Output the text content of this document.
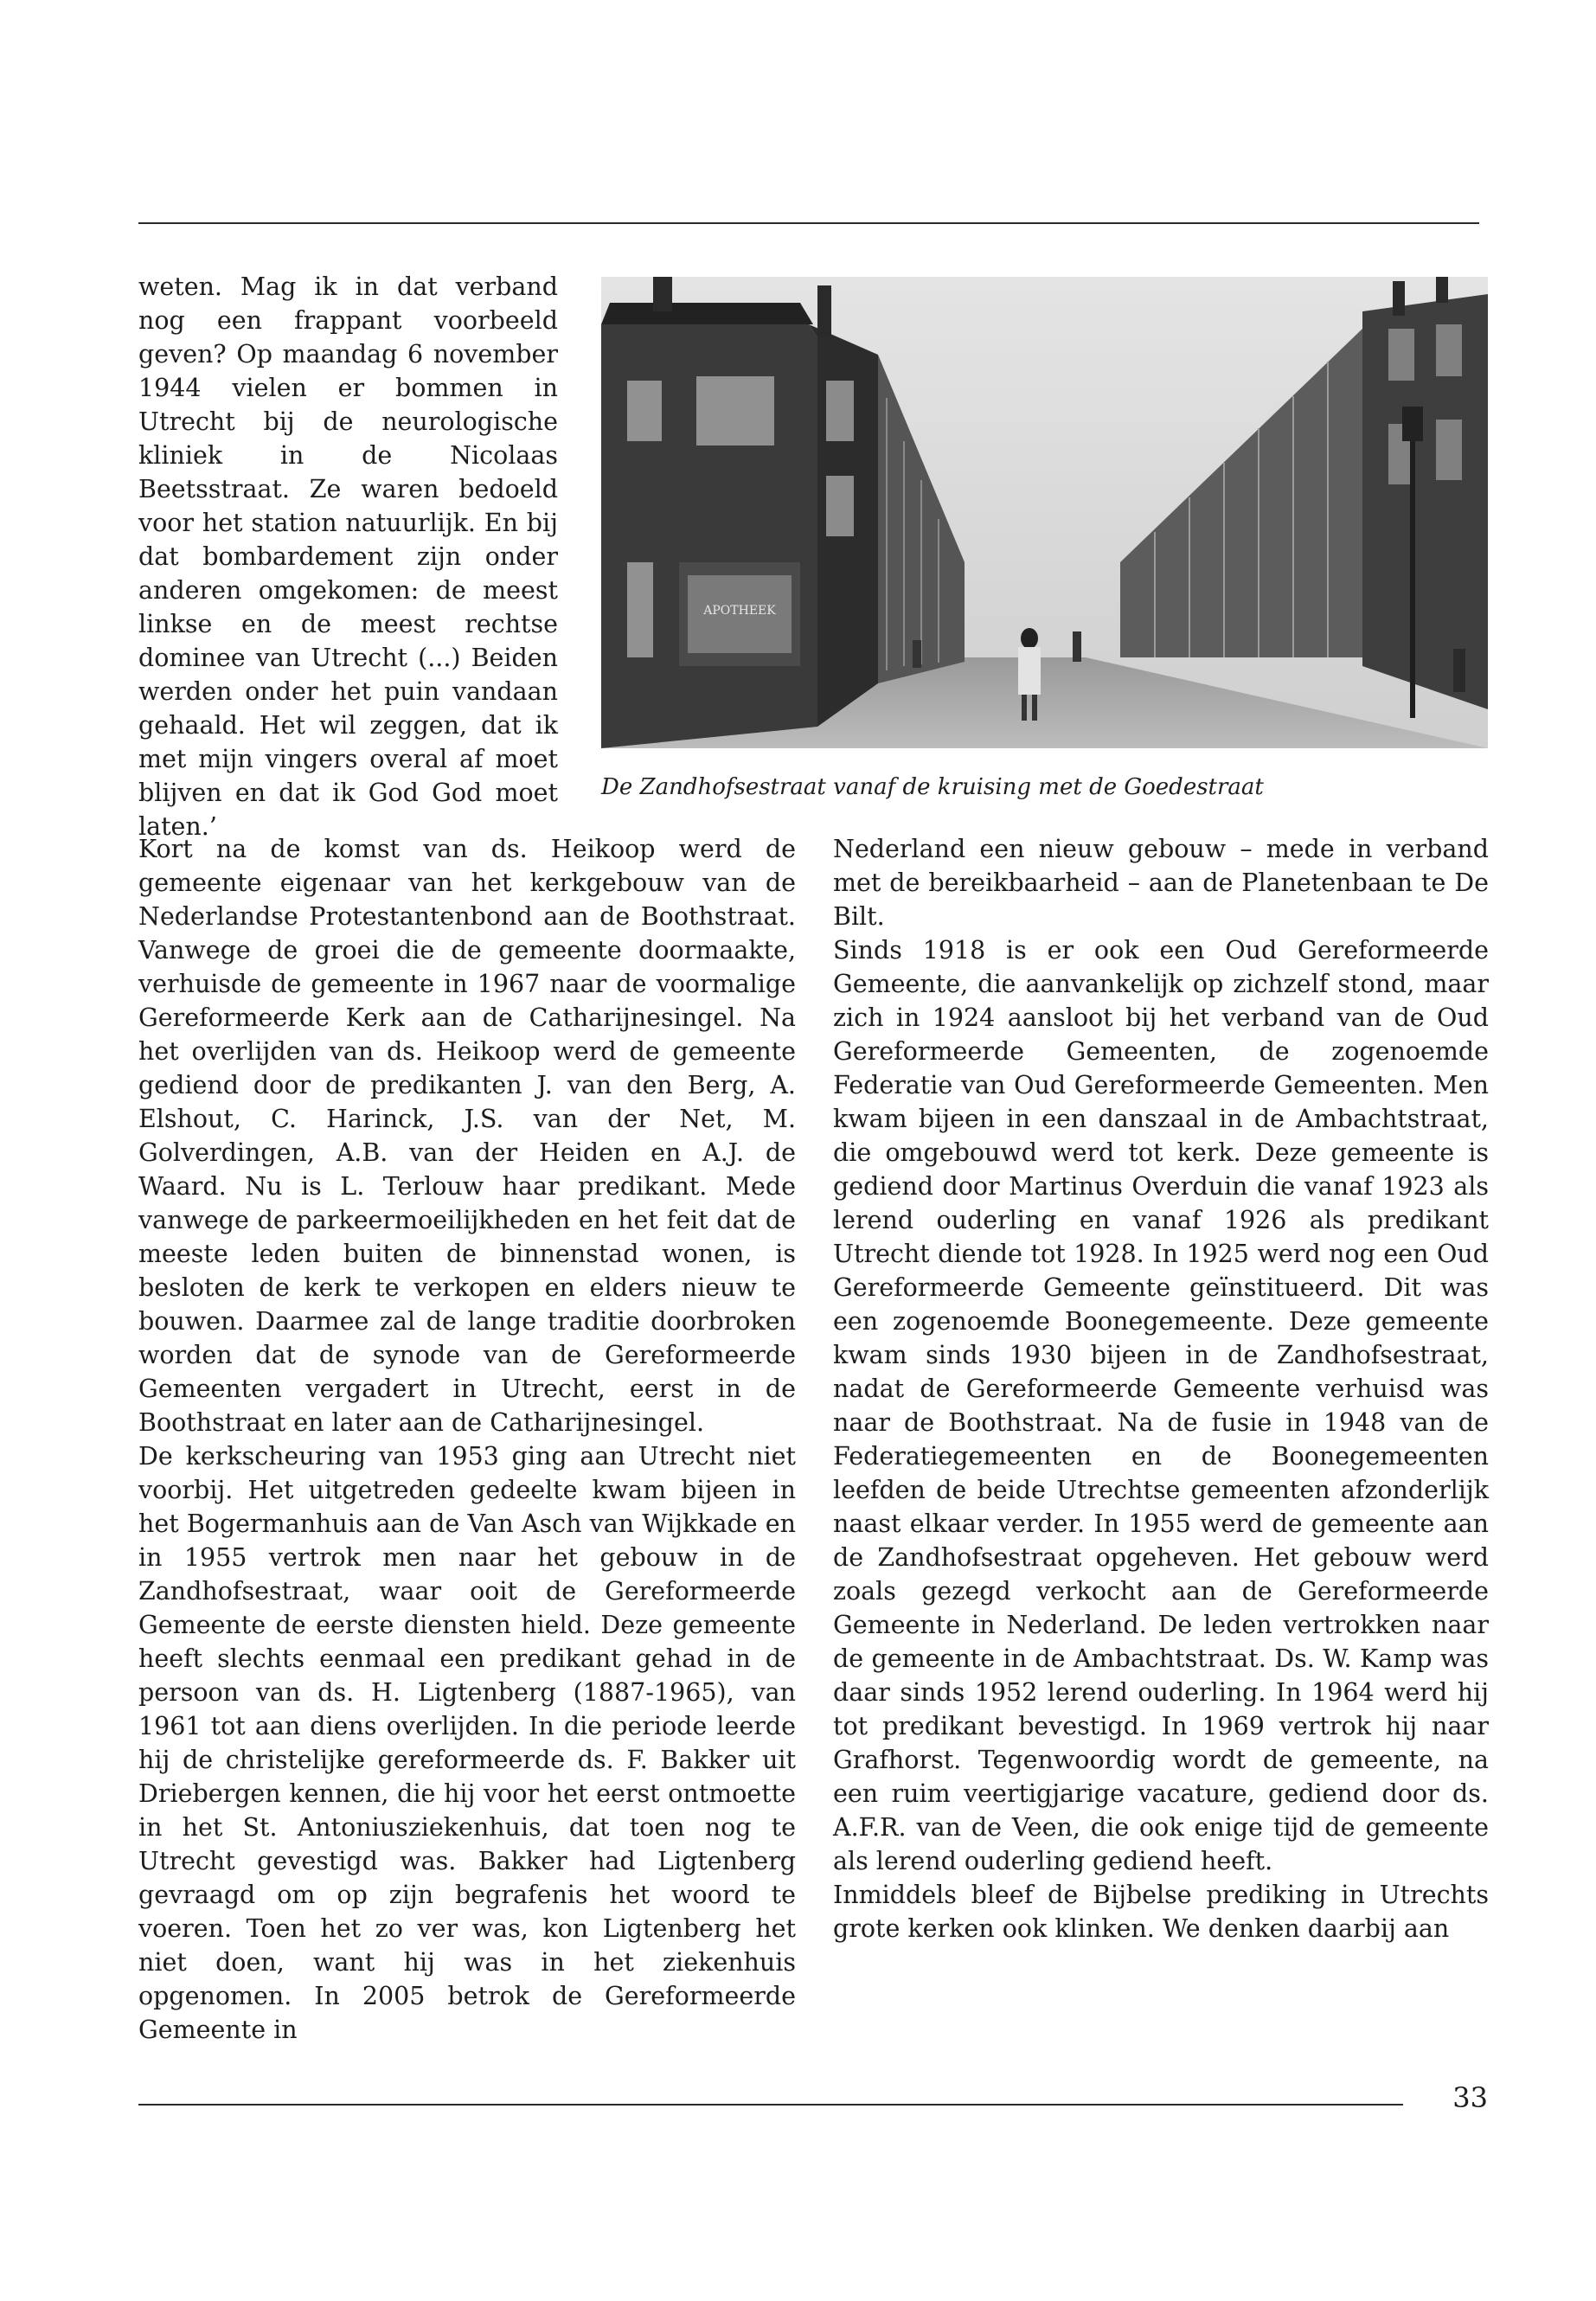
weten. Mag ik in dat verband nog een frappant voorbeeld geven? Op maandag 6 november 1944 vielen er bommen in Utrecht bij de neurologische kliniek in de Nicolaas Beetsstraat. Ze waren bedoeld voor het station natuurlijk. En bij dat bombardement zijn onder anderen omgekomen: de meest linkse en de meest rechtse dominee van Utrecht (...) Beiden werden onder het puin vandaan gehaald. Het wil zeggen, dat ik met mijn vingers overal af moet blijven en dat ik God God moet laten.’

APOTHEEK
De Zandhofsestraat vanaf de kruising met de Goedestraat

Kort na de komst van ds. Heikoop werd de gemeente eigenaar van het kerkgebouw van de Nederlandse Protestantenbond aan de Boothstraat. Vanwege de groei die de gemeente doormaakte, verhuisde de gemeente in 1967 naar de voormalige Gereformeerde Kerk aan de Catharijnesingel. Na het overlijden van ds. Heikoop werd de gemeente gediend door de predikanten J. van den Berg, A. Elshout, C. Harinck, J.S. van der Net, M. Golverdingen, A.B. van der Heiden en A.J. de Waard. Nu is L. Terlouw haar predikant. Mede vanwege de parkeermoeilijkheden en het feit dat de meeste leden buiten de binnenstad wonen, is besloten de kerk te verkopen en elders nieuw te bouwen. Daarmee zal de lange traditie doorbroken worden dat de synode van de Gereformeerde Gemeenten vergadert in Utrecht, eerst in de Boothstraat en later aan de Catharijnesingel.

De kerkscheuring van 1953 ging aan Utrecht niet voorbij. Het uitgetreden gedeelte kwam bijeen in het Bogermanhuis aan de Van Asch van Wijkkade en in 1955 vertrok men naar het gebouw in de Zandhofsestraat, waar ooit de Gereformeerde Gemeente de eerste diensten hield. Deze gemeente heeft slechts eenmaal een predikant gehad in de persoon van ds. H. Ligtenberg (1887-1965), van 1961 tot aan diens overlijden. In die periode leerde hij de christelijke gereformeerde ds. F. Bakker uit Driebergen kennen, die hij voor het eerst ontmoette in het St. Antoniusziekenhuis, dat toen nog te Utrecht gevestigd was. Bakker had Ligtenberg gevraagd om op zijn begrafenis het woord te voeren. Toen het zo ver was, kon Ligtenberg het niet doen, want hij was in het ziekenhuis opgenomen. In 2005 betrok de Gereformeerde Gemeente in

Nederland een nieuw gebouw – mede in verband met de bereikbaarheid – aan de Planetenbaan te De Bilt.

Sinds 1918 is er ook een Oud Gereformeerde Gemeente, die aanvankelijk op zichzelf stond, maar zich in 1924 aansloot bij het verband van de Oud Gereformeerde Gemeenten, de zogenoemde Federatie van Oud Gereformeerde Gemeenten. Men kwam bijeen in een danszaal in de Ambachtstraat, die omgebouwd werd tot kerk. Deze gemeente is gediend door Martinus Overduin die vanaf 1923 als lerend ouderling en vanaf 1926 als predikant Utrecht diende tot 1928. In 1925 werd nog een Oud Gereformeerde Gemeente geïnstitueerd. Dit was een zogenoemde Boonegemeente. Deze gemeente kwam sinds 1930 bijeen in de Zandhofsestraat, nadat de Gereformeerde Gemeente verhuisd was naar de Boothstraat. Na de fusie in 1948 van de Federatiegemeenten en de Boonegemeenten leefden de beide Utrechtse gemeenten afzonderlijk naast elkaar verder. In 1955 werd de gemeente aan de Zandhofsestraat opgeheven. Het gebouw werd zoals gezegd verkocht aan de Gereformeerde Gemeente in Nederland. De leden vertrokken naar de gemeente in de Ambachtstraat. Ds. W. Kamp was daar sinds 1952 lerend ouderling. In 1964 werd hij tot predikant bevestigd. In 1969 vertrok hij naar Grafhorst. Tegenwoordig wordt de gemeente, na een ruim veertigjarige vacature, gediend door ds. A.F.R. van de Veen, die ook enige tijd de gemeente als lerend ouderling gediend heeft.

Inmiddels bleef de Bijbelse prediking in Utrechts grote kerken ook klinken. We denken daarbij aan

33
